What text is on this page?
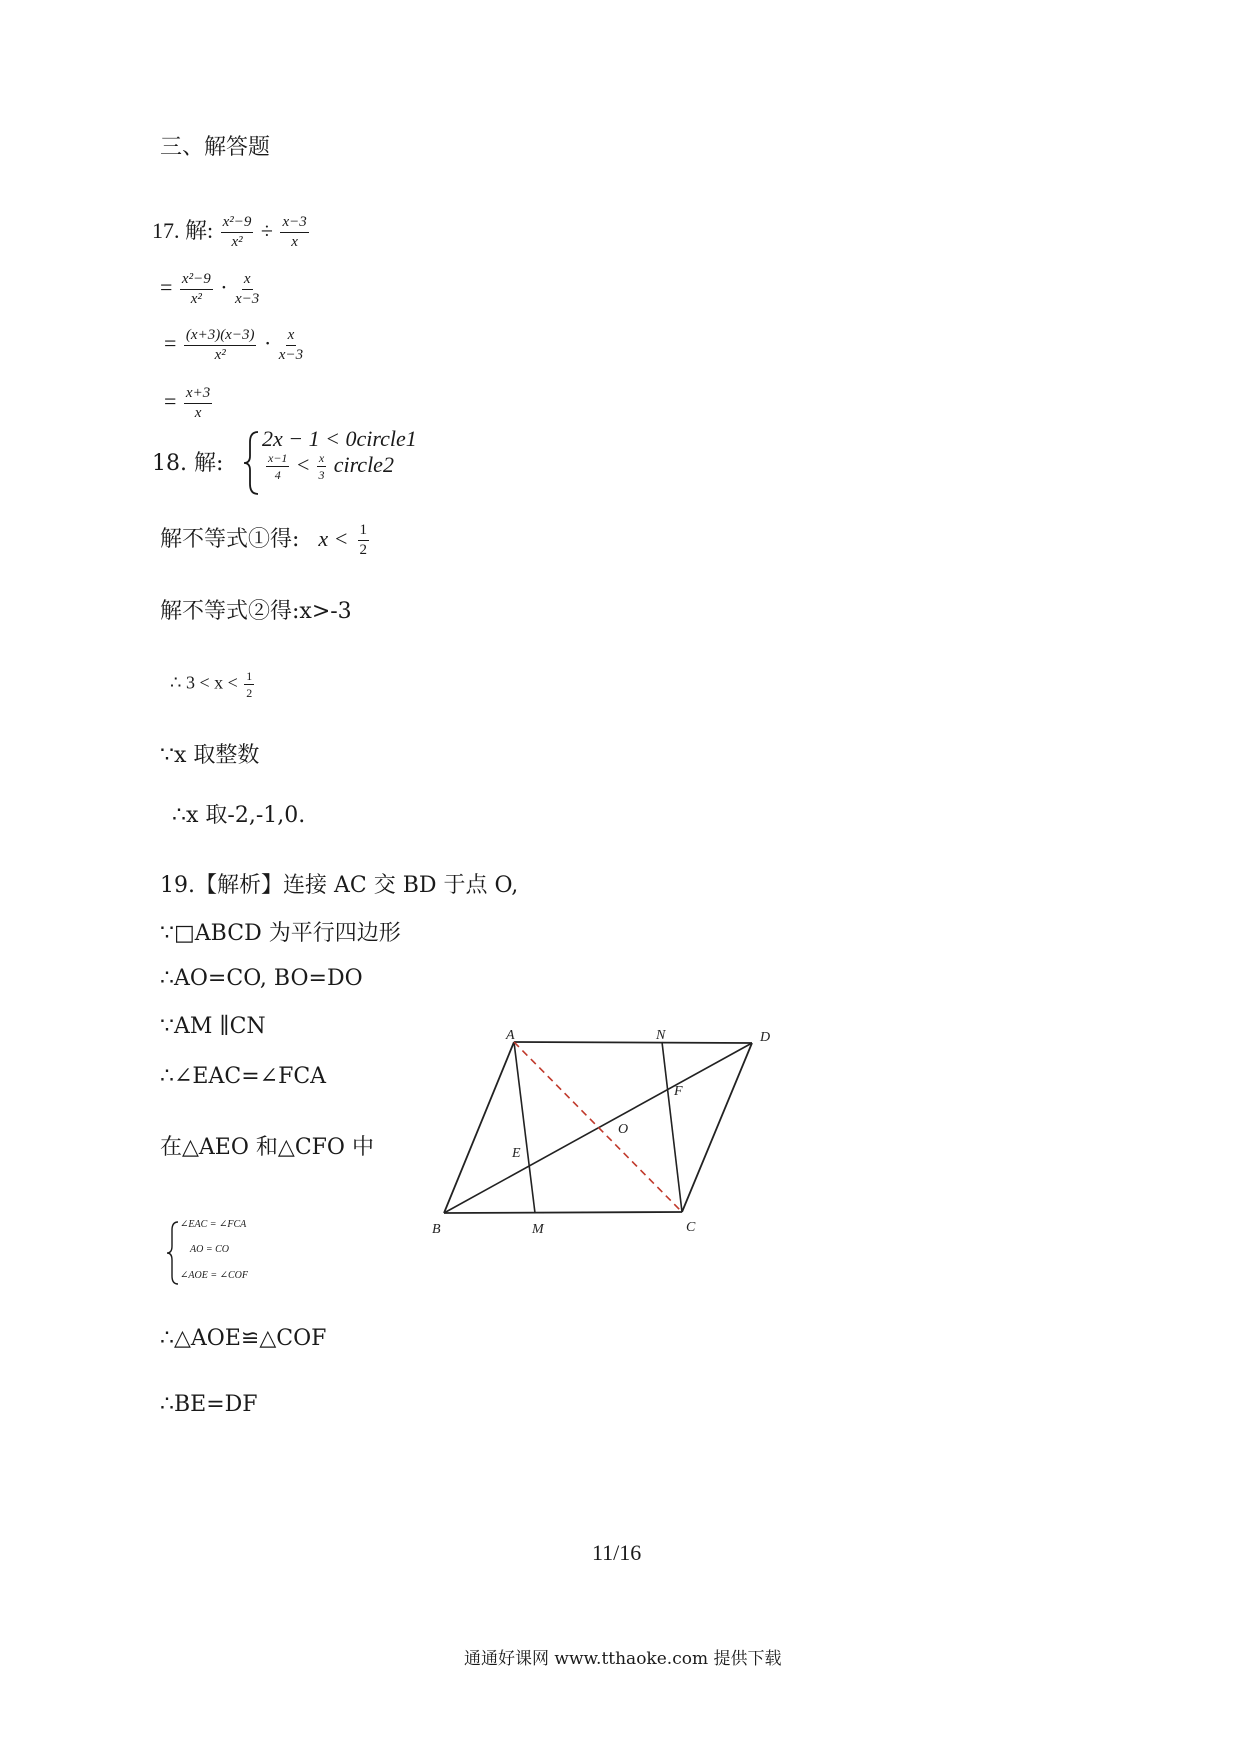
三、解答题
17. 解: $\frac{\text{x²−9}}{\text{x²}} \div \frac{x-3}{x}$
= $\frac{\text{x²−9}}{\text{x²}} \cdot \frac{x}{x-3}$
= $\frac{(x+3)(x-3)}{\text{x²}} \cdot \frac{x}{x-3}$
= $\frac{x+3}{x}$
18. 解:
2x − 1 < 0circle1
$\frac{x-1}{4} < \frac{x}{3}$ circle2
解不等式①得: $x < \frac{1}{2}$
解不等式②得:x>-3
∴ $3 < x < \frac{1}{2}$
∵x 取整数
∴x 取-2,-1,0.
19.【解析】连接 AC 交 BD 于点 O,
∵□ABCD 为平行四边形
∴AO=CO, BO=DO
∵AM ∥CN
∴∠EAC=∠FCA
在△AEO 和△CFO 中
∠EAC = ∠FCA
AO = CO
∠AOE = ∠COF
∴△AOE≌△COF
∴BE=DF
A	N	D
F
O
E
B	M	C
11/16
通通好课网 www.tthaoke.com 提供下载
